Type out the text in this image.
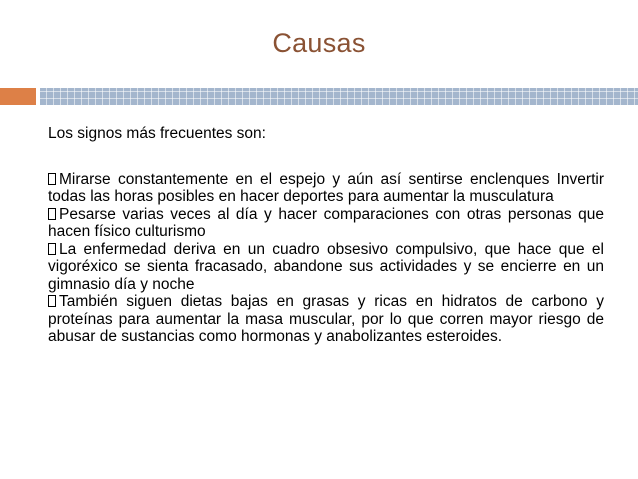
Causas

Los signos más frecuentes son:

Mirarse constantemente en el espejo y aún así sentirse enclenques Invertir todas las horas posibles en hacer deportes para aumentar la musculatura

Pesarse varias veces al día y hacer comparaciones con otras personas que hacen físico culturismo

La enfermedad deriva en un cuadro obsesivo compulsivo, que hace que el vigoréxico se sienta fracasado, abandone sus actividades y se encierre en un gimnasio día y noche

También siguen dietas bajas en grasas y ricas en hidratos de carbono y proteínas para aumentar la masa muscular, por lo que corren mayor riesgo de abusar de sustancias como hormonas y anabolizantes esteroides.
